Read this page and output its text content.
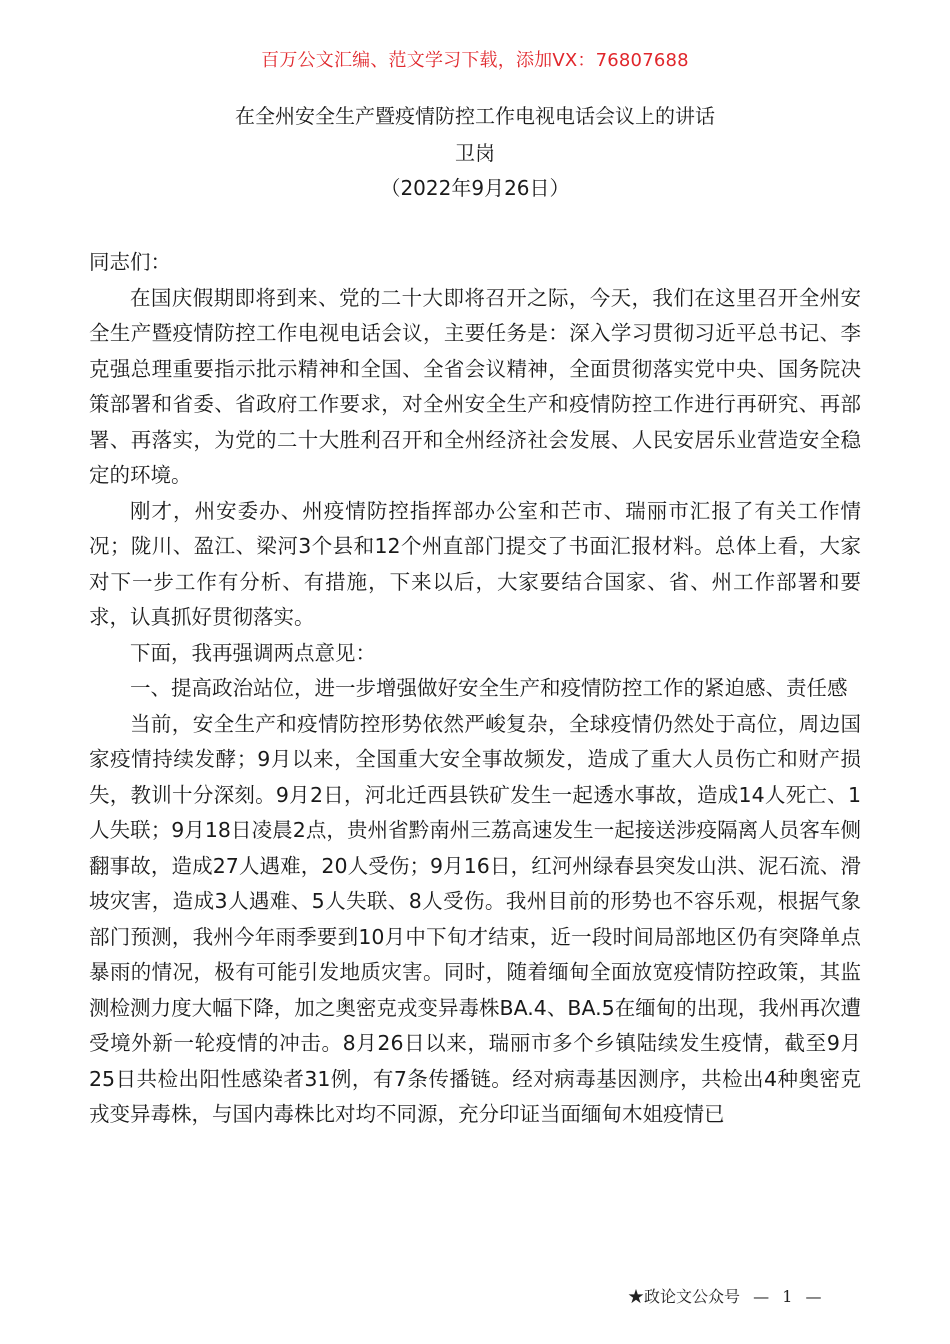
百万公文汇编、范文学习下载，添加VX：76807688
在全州安全生产暨疫情防控工作电视电话会议上的讲话
卫岗
（2022年9月26日）

同志们：

在国庆假期即将到来、党的二十大即将召开之际，今天，我们在这里召开全州安全生产暨疫情防控工作电视电话会议，主要任务是：深入学习贯彻习近平总书记、李克强总理重要指示批示精神和全国、全省会议精神，全面贯彻落实党中央、国务院决策部署和省委、省政府工作要求，对全州安全生产和疫情防控工作进行再研究、再部署、再落实，为党的二十大胜利召开和全州经济社会发展、人民安居乐业营造安全稳定的环境。

刚才，州安委办、州疫情防控指挥部办公室和芒市、瑞丽市汇报了有关工作情况；陇川、盈江、梁河3个县和12个州直部门提交了书面汇报材料。总体上看，大家对下一步工作有分析、有措施，下来以后，大家要结合国家、省、州工作部署和要求，认真抓好贯彻落实。

下面，我再强调两点意见：

一、提高政治站位，进一步增强做好安全生产和疫情防控工作的紧迫感、责任感

当前，安全生产和疫情防控形势依然严峻复杂，全球疫情仍然处于高位，周边国家疫情持续发酵；9月以来，全国重大安全事故频发，造成了重大人员伤亡和财产损失，教训十分深刻。9月2日，河北迁西县铁矿发生一起透水事故，造成14人死亡、1人失联；9月18日凌晨2点，贵州省黔南州三荔高速发生一起接送涉疫隔离人员客车侧翻事故，造成27人遇难，20人受伤；9月16日，红河州绿春县突发山洪、泥石流、滑坡灾害，造成3人遇难、5人失联、8人受伤。我州目前的形势也不容乐观，根据气象部门预测，我州今年雨季要到10月中下旬才结束，近一段时间局部地区仍有突降单点暴雨的情况，极有可能引发地质灾害。同时，随着缅甸全面放宽疫情防控政策，其监测检测力度大幅下降，加之奥密克戎变异毒株BA.4、BA.5在缅甸的出现，我州再次遭受境外新一轮疫情的冲击。8月26日以来，瑞丽市多个乡镇陆续发生疫情，截至9月25日共检出阳性感染者31例，有7条传播链。经对病毒基因测序，共检出4种奥密克戎变异毒株，与国内毒株比对均不同源，充分印证当面缅甸木姐疫情已

★政论文公众号 — 1 —
